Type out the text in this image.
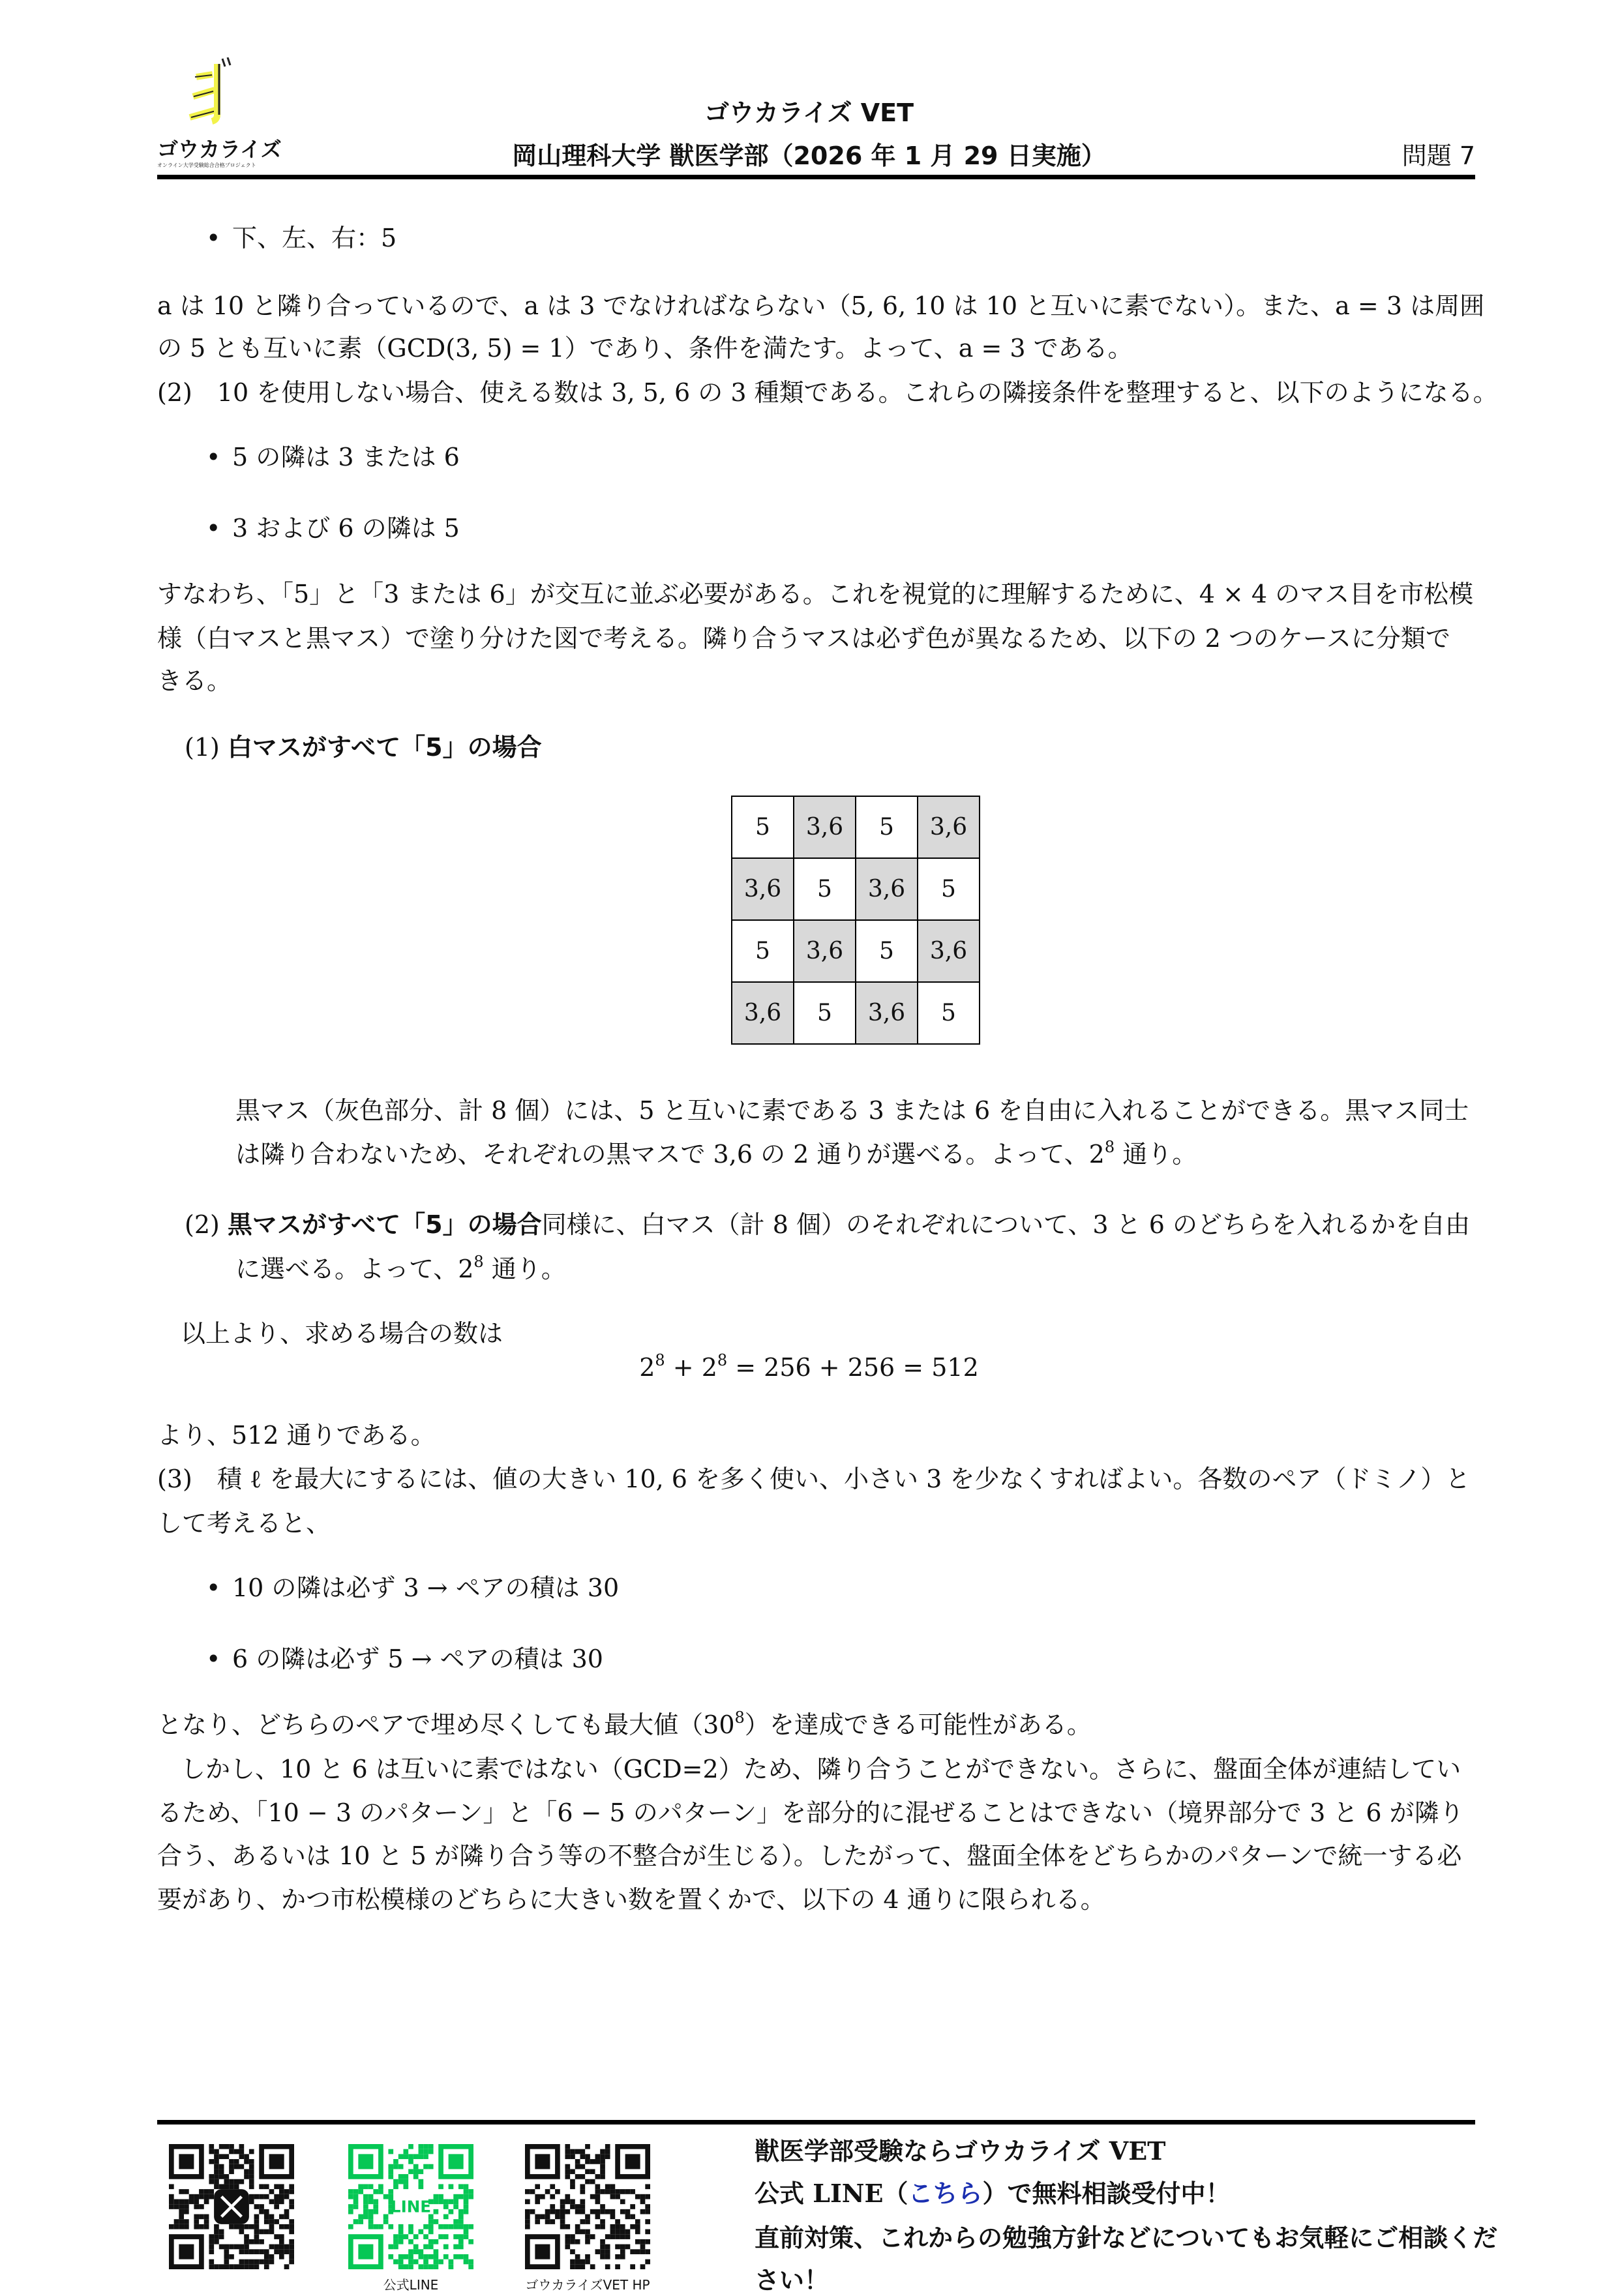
ゴウカライズ
オンライン大学受験総合合格プロジェクト
ゴウカライズ VET
岡山理科大学 獣医学部（2026 年 1 月 29 日実施）	問題 7
• 下、左、右：5
a は 10 と隣り合っているので、a は 3 でなければならない（5, 6, 10 は 10 と互いに素でない）。また、a = 3 は周囲
の 5 とも互いに素（GCD(3, 5) = 1）であり、条件を満たす。よって、a = 3 である。
(2)　10 を使用しない場合、使える数は 3, 5, 6 の 3 種類である。これらの隣接条件を整理すると、以下のようになる。
• 5 の隣は 3 または 6
• 3 および 6 の隣は 5
すなわち、「5」と「3 または 6」が交互に並ぶ必要がある。これを視覚的に理解するために、4 × 4 のマス目を市松模
様（白マスと黒マス）で塗り分けた図で考える。隣り合うマスは必ず色が異なるため、以下の 2 つのケースに分類で
きる。
(1) 白マスがすべて「5」の場合
5	3,6	5	3,6
3,6	5	3,6	5
5	3,6	5	3,6
3,6	5	3,6	5
黒マス（灰色部分、計 8 個）には、5 と互いに素である 3 または 6 を自由に入れることができる。黒マス同士
は隣り合わないため、それぞれの黒マスで 3,6 の 2 通りが選べる。よって、$2^8$ 通り。
(2) 黒マスがすべて「5」の場合同様に、白マス（計 8 個）のそれぞれについて、3 と 6 のどちらを入れるかを自由
に選べる。よって、$2^8$ 通り。
以上より、求める場合の数は
$2^8 + 2^8 = 256 + 256 = 512$
より、512 通りである。
(3)　積 ℓ を最大にするには、値の大きい 10, 6 を多く使い、小さい 3 を少なくすればよい。各数のペア（ドミノ）と
して考えると、
• 10 の隣は必ず 3 → ペアの積は 30
• 6 の隣は必ず 5 → ペアの積は 30
となり、どちらのペアで埋め尽くしても最大値$(30^8)$を達成できる可能性がある。
しかし、10 と 6 は互いに素ではない（GCD=2）ため、隣り合うことができない。さらに、盤面全体が連結してい
るため、「10 − 3 のパターン」と「6 − 5 のパターン」を部分的に混ぜることはできない（境界部分で 3 と 6 が隣り
合う、あるいは 10 と 5 が隣り合う等の不整合が生じる）。したがって、盤面全体をどちらかのパターンで統一する必
要があり、かつ市松模様のどちらに大きい数を置くかで、以下の 4 通りに限られる。
LINE
公式LINE	ゴウカライズVET HP
獣医学部受験ならゴウカライズ VET
公式 LINE（こちら）で無料相談受付中！
直前対策、これからの勉強方針などについてもお気軽にご相談くだ
さい！
